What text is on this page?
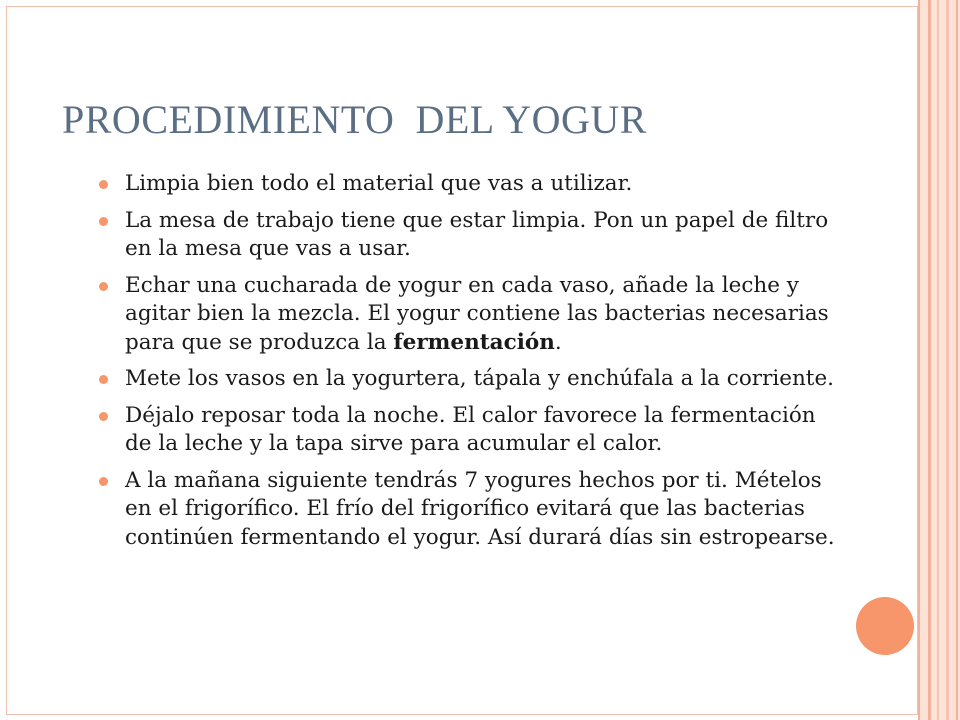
PROCEDIMIENTO  DEL YOGUR
Limpia bien todo el material que vas a utilizar.
La mesa de trabajo tiene que estar limpia. Pon un papel de filtro en la mesa que vas a usar.
Echar una cucharada de yogur en cada vaso, añade la leche y agitar bien la mezcla. El yogur contiene las bacterias necesarias para que se produzca la fermentación.
Mete los vasos en la yogurtera, tápala y enchúfala a la corriente.
Déjalo reposar toda la noche. El calor favorece la fermentación de la leche y la tapa sirve para acumular el calor.
A la mañana siguiente tendrás 7 yogures hechos por ti. Mételos en el frigorífico. El frío del frigorífico evitará que las bacterias continúen fermentando el yogur. Así durará días sin estropearse.
